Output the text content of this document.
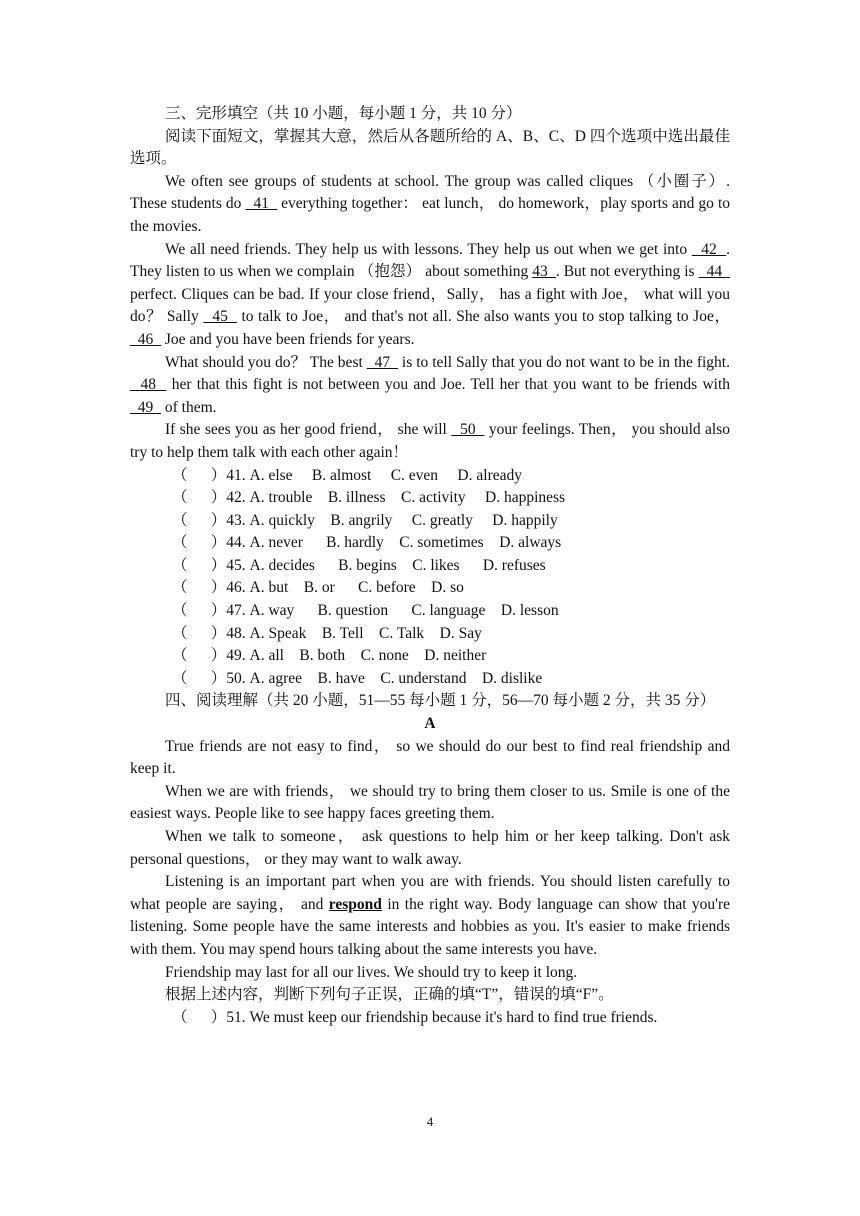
三、完形填空（共 10 小题，每小题 1 分，共 10 分）

阅读下面短文，掌握其大意，然后从各题所给的 A、B、C、D 四个选项中选出最佳选项。

We often see groups of students at school. The group was called cliques （小圈子）. These students do   41   everything together： eat lunch， do homework，play sports and go to the movies.

We all need friends. They help us with lessons. They help us out when we get into   42  . They listen to us when we complain （抱怨） about something 43  . But not everything is   44   perfect. Cliques can be bad. If your close friend，Sally， has a fight with Joe， what will you do？ Sally   45   to talk to Joe， and that's not all. She also wants you to stop talking to Joe，  46   Joe and you have been friends for years.

What should you do？ The best   47   is to tell Sally that you do not want to be in the fight.   48   her that this fight is not between you and Joe. Tell her that you want to be friends with   49   of them.

If she sees you as her good friend， she will   50   your feelings. Then， you should also try to help them talk with each other again！

（      ）41. A. else     B. almost     C. even     D. already

（      ）42. A. trouble    B. illness    C. activity     D. happiness

（      ）43. A. quickly    B. angrily     C. greatly     D. happily

（      ）44. A. never      B. hardly    C. sometimes    D. always

（      ）45. A. decides      B. begins    C. likes      D. refuses

（      ）46. A. but    B. or      C. before    D. so

（      ）47. A. way      B. question      C. language    D. lesson

（      ）48. A. Speak    B. Tell    C. Talk    D. Say

（      ）49. A. all    B. both    C. none    D. neither

（      ）50. A. agree    B. have    C. understand    D. dislike

四、阅读理解（共 20 小题，51—55 每小题 1 分，56—70 每小题 2 分，共 35 分）

A

True friends are not easy to find， so we should do our best to find real friendship and keep it.

When we are with friends， we should try to bring them closer to us. Smile is one of the easiest ways. People like to see happy faces greeting them.

When we talk to someone， ask questions to help him or her keep talking. Don't ask personal questions， or they may want to walk away.

Listening is an important part when you are with friends. You should listen carefully to what people are saying， and respond in the right way. Body language can show that you're listening. Some people have the same interests and hobbies as you. It's easier to make friends with them. You may spend hours talking about the same interests you have.

Friendship may last for all our lives. We should try to keep it long.

根据上述内容，判断下列句子正误，正确的填“T”，错误的填“F”。

（      ）51. We must keep our friendship because it's hard to find true friends.

4
